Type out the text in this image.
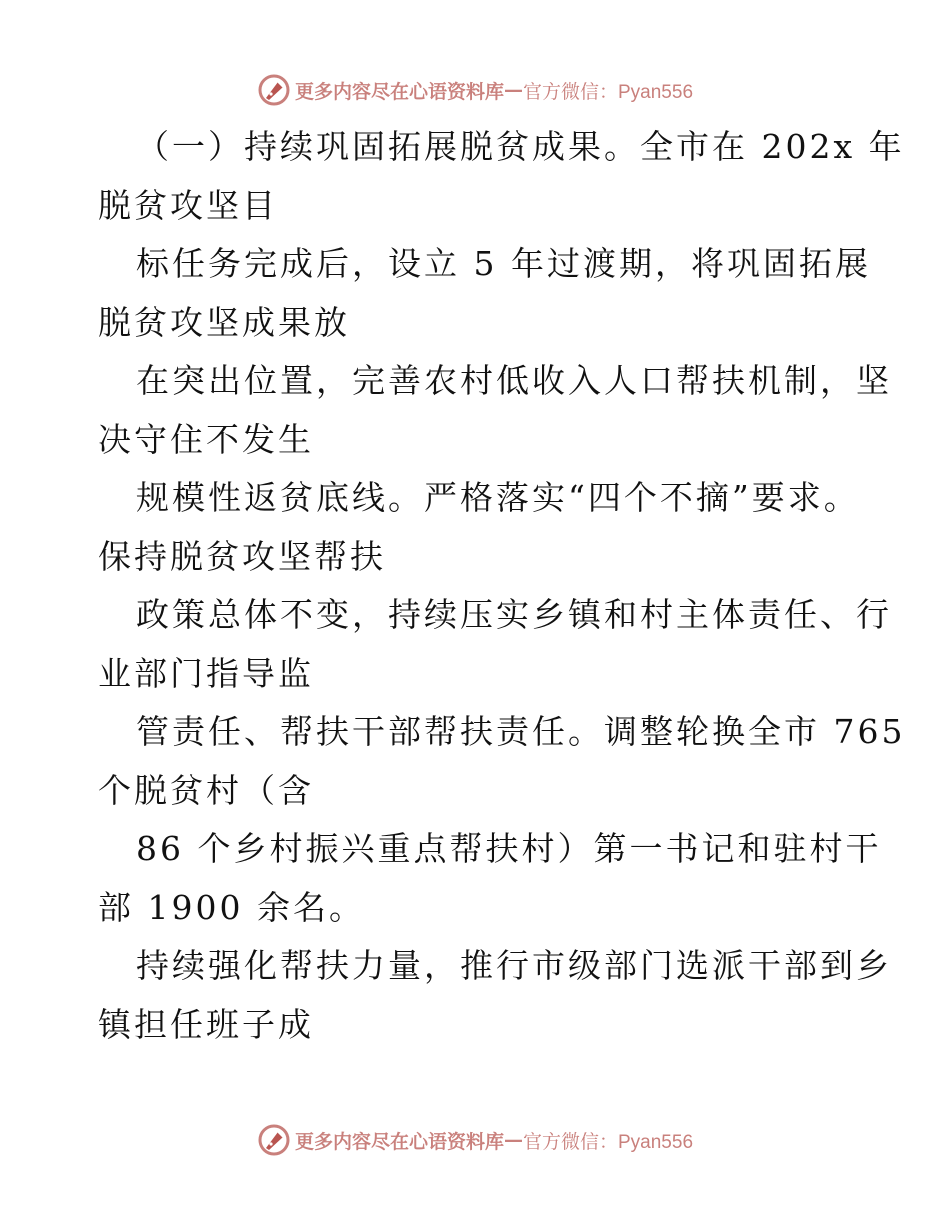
更多内容尽在心语资料库 — 官方微信：Pyan556
（一）持续巩固拓展脱贫成果。全市在 202x 年
脱贫攻坚目
标任务完成后，设立 5 年过渡期，将巩固拓展
脱贫攻坚成果放
在突出位置，完善农村低收入人口帮扶机制，坚
决守住不发生
规模性返贫底线。严格落实“四个不摘”要求。
保持脱贫攻坚帮扶
政策总体不变，持续压实乡镇和村主体责任、行
业部门指导监
管责任、帮扶干部帮扶责任。调整轮换全市 765
个脱贫村（含
86 个乡村振兴重点帮扶村）第一书记和驻村干
部 1900 余名。
持续强化帮扶力量，推行市级部门选派干部到乡
镇担任班子成
更多内容尽在心语资料库 — 官方微信：Pyan556
